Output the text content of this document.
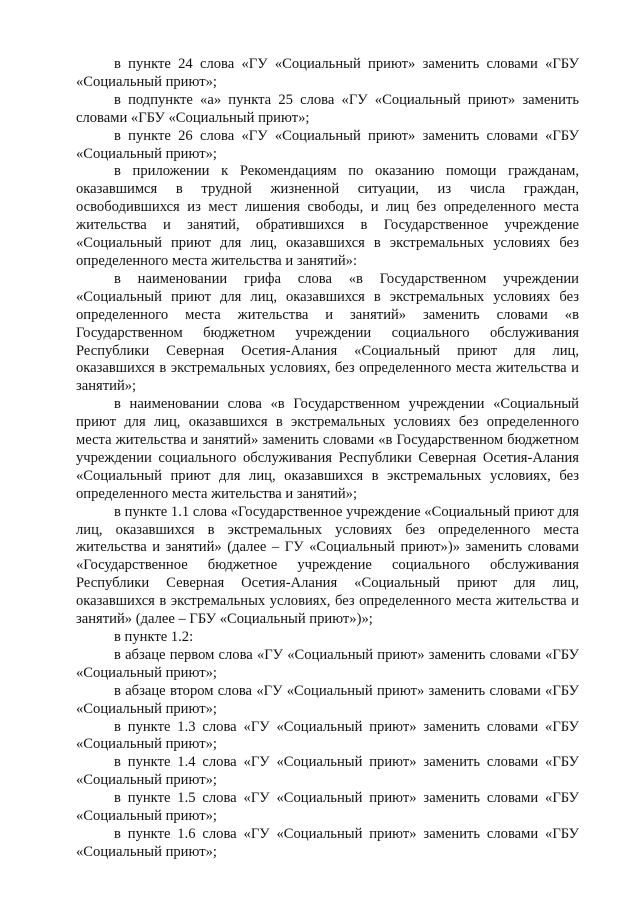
в пункте 24 слова «ГУ «Социальный приют» заменить словами «ГБУ «Социальный приют»;

в подпункте «а» пункта 25 слова «ГУ «Социальный приют» заменить словами «ГБУ «Социальный приют»;

в пункте 26 слова «ГУ «Социальный приют» заменить словами «ГБУ «Социальный приют»;

в приложении к Рекомендациям по оказанию помощи гражданам, оказавшимся в трудной жизненной ситуации, из числа граждан, освободившихся из мест лишения свободы, и лиц без определенного места жительства и занятий, обратившихся в Государственное учреждение «Социальный приют для лиц, оказавшихся в экстремальных условиях без определенного места жительства и занятий»:

в наименовании грифа слова «в Государственном учреждении «Социальный приют для лиц, оказавшихся в экстремальных условиях без определенного места жительства и занятий» заменить словами «в Государственном бюджетном учреждении социального обслуживания Республики Северная Осетия-Алания «Социальный приют для лиц, оказавшихся в экстремальных условиях, без определенного места жительства и занятий»;

в наименовании слова «в Государственном учреждении «Социальный приют для лиц, оказавшихся в экстремальных условиях без определенного места жительства и занятий» заменить словами «в Государственном бюджетном учреждении социального обслуживания Республики Северная Осетия-Алания «Социальный приют для лиц, оказавшихся в экстремальных условиях, без определенного места жительства и занятий»;

в пункте 1.1 слова «Государственное учреждение «Социальный приют для лиц, оказавшихся в экстремальных условиях без определенного места жительства и занятий» (далее – ГУ «Социальный приют»)» заменить словами «Государственное бюджетное учреждение социального обслуживания Республики Северная Осетия-Алания «Социальный приют для лиц, оказавшихся в экстремальных условиях, без определенного места жительства и занятий» (далее – ГБУ «Социальный приют»)»;

в пункте 1.2:

в абзаце первом слова «ГУ «Социальный приют» заменить словами «ГБУ «Социальный приют»;

в абзаце втором слова «ГУ «Социальный приют» заменить словами «ГБУ «Социальный приют»;

в пункте 1.3 слова «ГУ «Социальный приют» заменить словами «ГБУ «Социальный приют»;

в пункте 1.4 слова «ГУ «Социальный приют» заменить словами «ГБУ «Социальный приют»;

в пункте 1.5 слова «ГУ «Социальный приют» заменить словами «ГБУ «Социальный приют»;

в пункте 1.6 слова «ГУ «Социальный приют» заменить словами «ГБУ «Социальный приют»;
